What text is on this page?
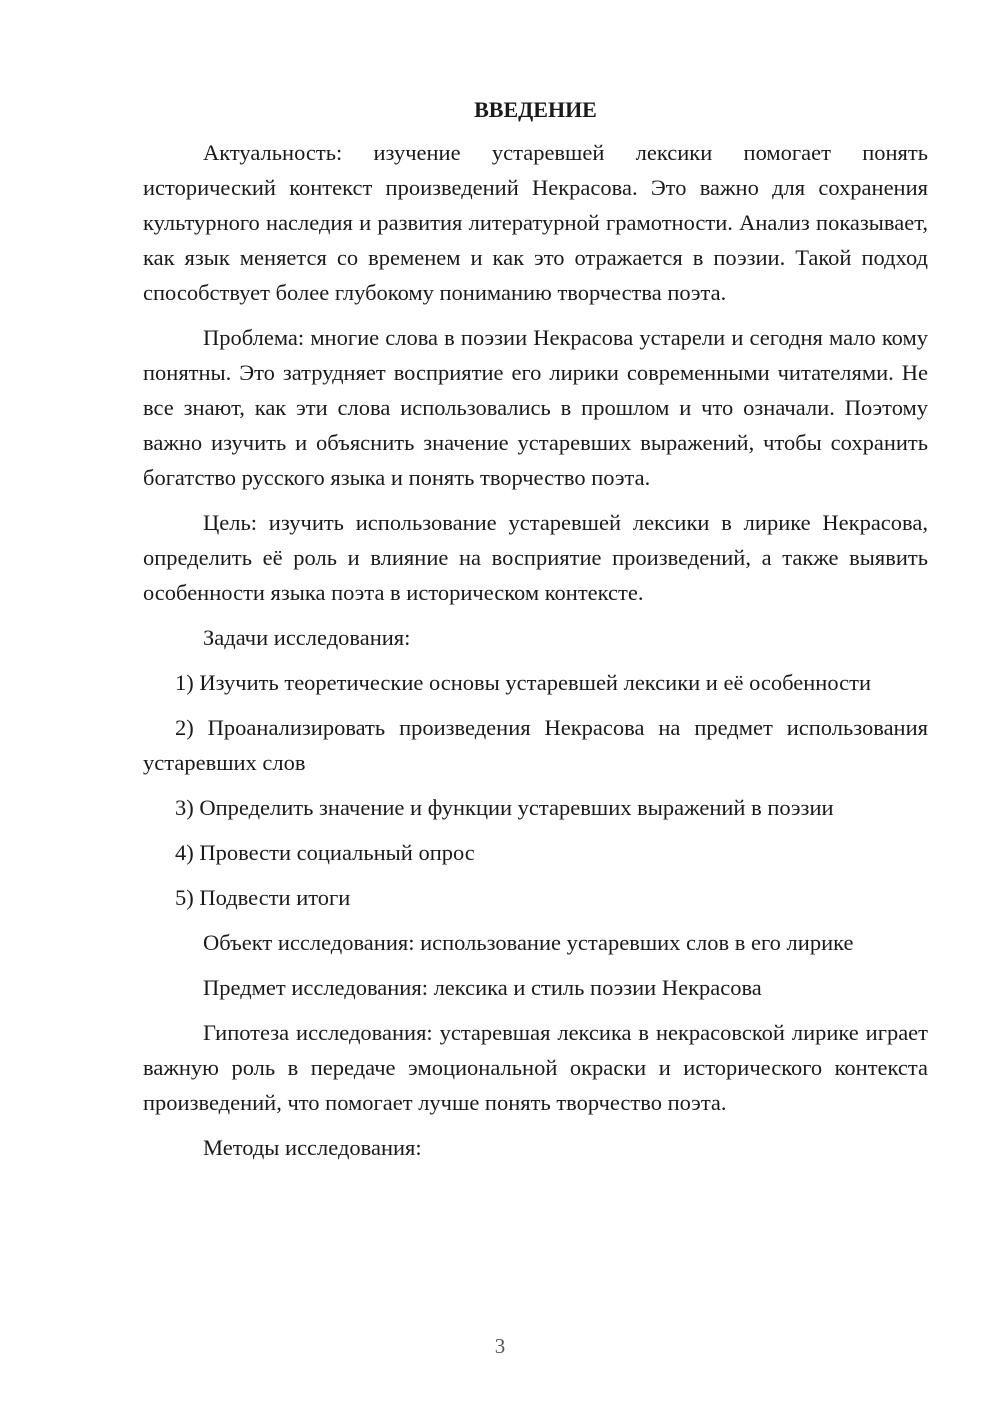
ВВЕДЕНИЕ

Актуальность: изучение устаревшей лексики помогает понять исторический контекст произведений Некрасова. Это важно для сохранения культурного наследия и развития литературной грамотности. Анализ показывает, как язык меняется со временем и как это отражается в поэзии. Такой подход способствует более глубокому пониманию творчества поэта.

Проблема: многие слова в поэзии Некрасова устарели и сегодня мало кому понятны. Это затрудняет восприятие его лирики современными читателями. Не все знают, как эти слова использовались в прошлом и что означали. Поэтому важно изучить и объяснить значение устаревших выражений, чтобы сохранить богатство русского языка и понять творчество поэта.

Цель: изучить использование устаревшей лексики в лирике Некрасова, определить её роль и влияние на восприятие произведений, а также выявить особенности языка поэта в историческом контексте.

Задачи исследования:

1) Изучить теоретические основы устаревшей лексики и её особенности

2) Проанализировать произведения Некрасова на предмет использования устаревших слов

3) Определить значение и функции устаревших выражений в поэзии

4) Провести социальный опрос

5) Подвести итоги

Объект исследования: использование устаревших слов в его лирике

Предмет исследования: лексика и стиль поэзии Некрасова

Гипотеза исследования: устаревшая лексика в некрасовской лирике играет важную роль в передаче эмоциональной окраски и исторического контекста произведений, что помогает лучше понять творчество поэта.

Методы исследования:

3
